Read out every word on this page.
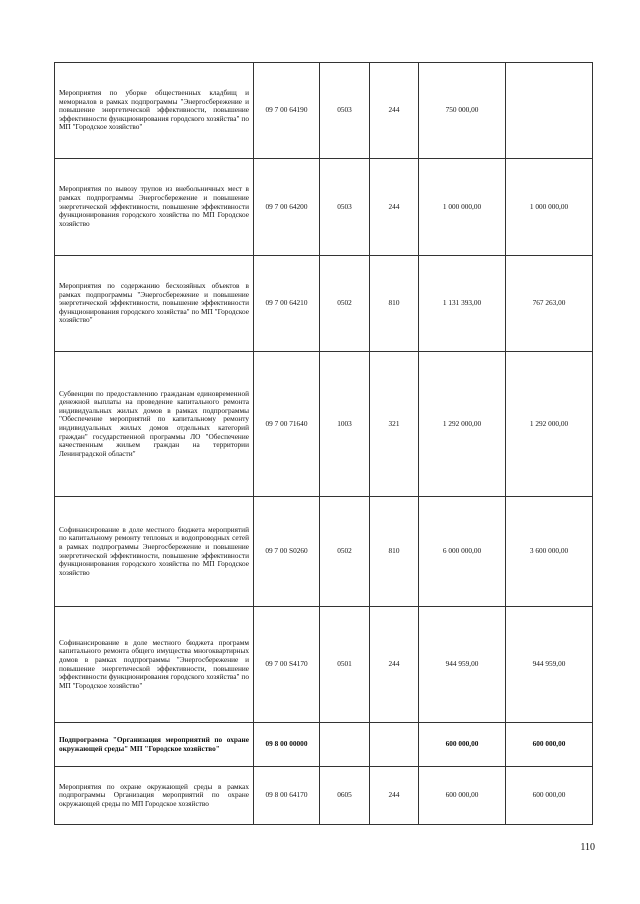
Мероприятия по уборке общественных кладбищ и мемориалов в рамках подпрограммы "Энергосбережение и повышение энергетической эффективности, повышение эффективности функционирования городского хозяйства" по МП "Городское хозяйство"	09 7 00 64190	0503	244	750 000,00	
Мероприятия по вывозу трупов из внебольничных мест в рамках подпрограммы Энергосбережение и повышение энергетической эффективности, повышение эффективности функционирования городского хозяйства по МП Городское хозяйство	09 7 00 64200	0503	244	1 000 000,00	1 000 000,00
Мероприятия по содержанию бесхозяйных объектов в рамках подпрограммы "Энергосбережение и повышение энергетической эффективности, повышение эффективности функционирования городского хозяйства" по МП "Городское хозяйство"	09 7 00 64210	0502	810	1 131 393,00	767 263,00
Субвенции по предоставлению гражданам единовременной денежной выплаты на проведение капитального ремонта индивидуальных жилых домов в рамках подпрограммы "Обеспечение мероприятий по капитальному ремонту индивидуальных жилых домов отдельных категорий граждан" государственной программы ЛО "Обеспечение качественным жильем граждан на территории Ленинградской области"	09 7 00 71640	1003	321	1 292 000,00	1 292 000,00
Софинансирование в доле местного бюджета мероприятий по капитальному ремонту тепловых и водопроводных сетей в рамках подпрограммы Энергосбережение и повышение энергетической эффективности, повышение эффективности функционирования городского хозяйства по МП Городское хозяйство	09 7 00 S0260	0502	810	6 000 000,00	3 600 000,00
Софинансирование в доле местного бюджета программ капитального ремонта общего имущества многоквартирных домов в рамках подпрограммы "Энергосбережение и повышение энергетической эффективности, повышение эффективности функционирования городского хозяйства" по МП "Городское хозяйство"	09 7 00 S4170	0501	244	944 959,00	944 959,00
Подпрограмма "Организация мероприятий по охране окружающей среды" МП "Городское хозяйство"	09 8 00 00000			600 000,00	600 000,00
Мероприятия по охране окружающей среды в рамках подпрограммы Организация мероприятий по охране окружающей среды по МП Городское хозяйство	09 8 00 64170	0605	244	600 000,00	600 000,00
110
